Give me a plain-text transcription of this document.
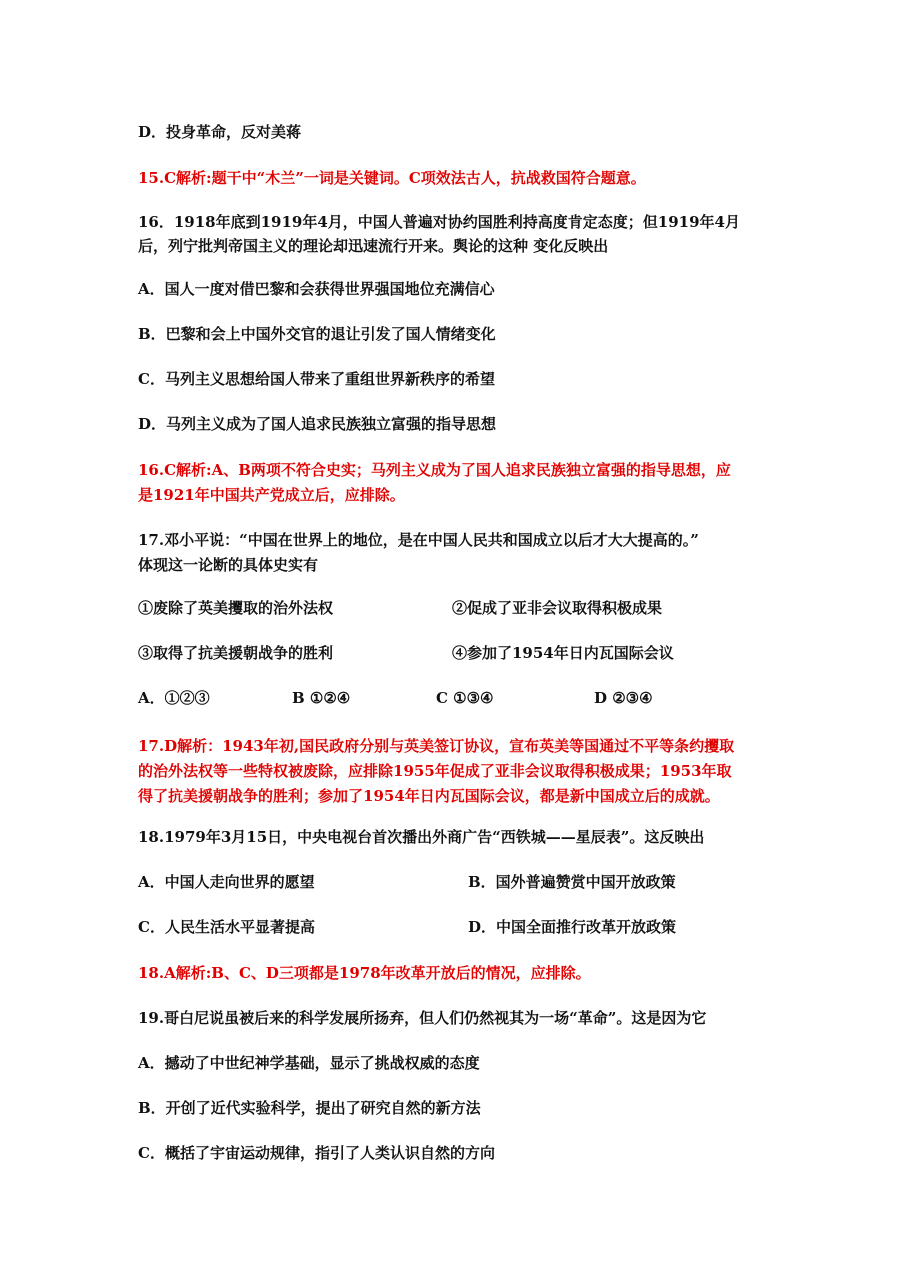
D．投身革命，反对美蒋
15.C解析:题干中“木兰”一词是关键词。C项效法古人，抗战救国符合题意。
16．1918年底到1919年4月，中国人普遍对协约国胜利持高度肯定态度；但1919年4月
后，列宁批判帝国主义的理论却迅速流行开来。舆论的这种 变化反映出
A．国人一度对借巴黎和会获得世界强国地位充满信心
B．巴黎和会上中国外交官的退让引发了国人情绪变化
C．马列主义思想给国人带来了重组世界新秩序的希望
D．马列主义成为了国人追求民族独立富强的指导思想
16.C解析:A、B两项不符合史实；马列主义成为了国人追求民族独立富强的指导思想，应
是1921年中国共产党成立后，应排除。
17.邓小平说：“中国在世界上的地位，是在中国人民共和国成立以后才大大提高的。”
体现这一论断的具体史实有
①废除了英美攫取的治外法权	②促成了亚非会议取得积极成果
③取得了抗美援朝战争的胜利	④参加了1954年日内瓦国际会议
A．①②③	B ①②④	C ①③④	D ②③④
17.D解析：1943年初,国民政府分别与英美签订协议，宣布英美等国通过不平等条约攫取
的治外法权等一些特权被废除，应排除1955年促成了亚非会议取得积极成果；1953年取
得了抗美援朝战争的胜利；参加了1954年日内瓦国际会议，都是新中国成立后的成就。
18.1979年3月15日，中央电视台首次播出外商广告“西铁城——星辰表”。这反映出
A．中国人走向世界的愿望	B．国外普遍赞赏中国开放政策
C．人民生活水平显著提高	D．中国全面推行改革开放政策
18.A解析:B、C、D三项都是1978年改革开放后的情况，应排除。
19.哥白尼说虽被后来的科学发展所扬弃，但人们仍然视其为一场“革命”。这是因为它
A．撼动了中世纪神学基础，显示了挑战权威的态度
B．开创了近代实验科学，提出了研究自然的新方法
C．概括了宇宙运动规律，指引了人类认识自然的方向
